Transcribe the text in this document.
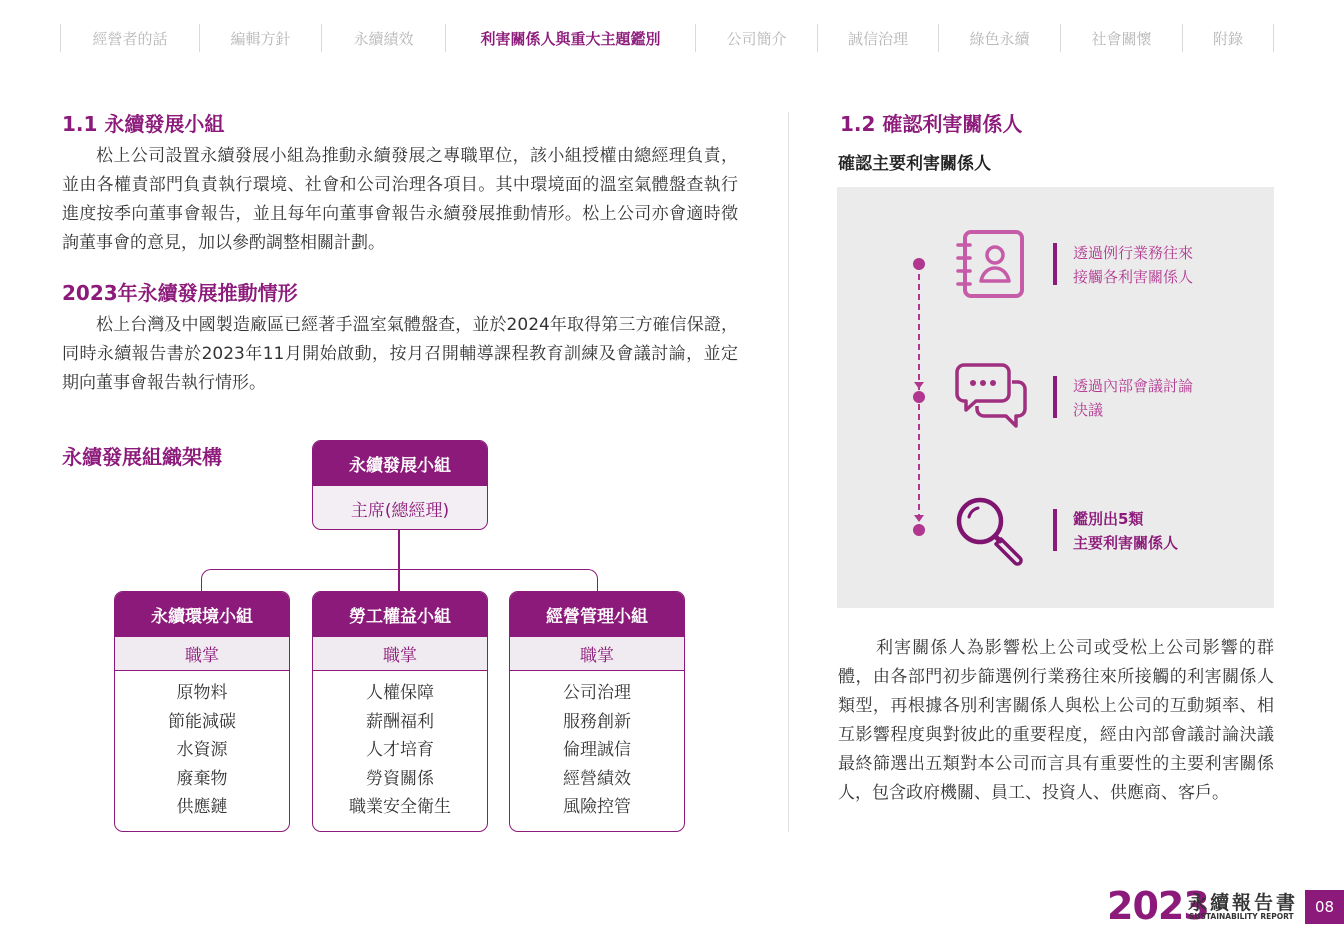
經營者的話	編輯方針	永續績效	利害關係人與重大主題鑑別	公司簡介	誠信治理	綠色永續	社會關懷	附錄
1.1 永續發展小組
松上公司設置永續發展小組為推動永續發展之專職單位，該小組授權由總經理負責，並由各權責部門負責執行環境、社會和公司治理各項目。其中環境面的溫室氣體盤查執行進度按季向董事會報告，並且每年向董事會報告永續發展推動情形。松上公司亦會適時徵詢董事會的意見，加以參酌調整相關計劃。
2023年永續發展推動情形
松上台灣及中國製造廠區已經著手溫室氣體盤查，並於2024年取得第三方確信保證，同時永續報告書於2023年11月開始啟動，按月召開輔導課程教育訓練及會議討論，並定期向董事會報告執行情形。
永續發展組織架構	永續發展小組
主席(總經理)
永續環境小組
職掌
原物料
節能減碳
水資源
廢棄物
供應鏈
勞工權益小組
職掌
人權保障
薪酬福利
人才培育
勞資關係
職業安全衛生
經營管理小組
職掌
公司治理
服務創新
倫理誠信
經營績效
風險控管
1.2 確認利害關係人
確認主要利害關係人
透過例行業務往來
接觸各利害關係人
透過內部會議討論
決議
鑑別出5類
主要利害關係人
利害關係人為影響松上公司或受松上公司影響的群體，由各部門初步篩選例行業務往來所接觸的利害關係人類型，再根據各別利害關係人與松上公司的互動頻率、相互影響程度與對彼此的重要程度，經由內部會議討論決議最終篩選出五類對本公司而言具有重要性的主要利害關係人，包含政府機關、員工、投資人、供應商、客戶。
2023
永續報告書
SUSTAINABILITY REPORT
08
